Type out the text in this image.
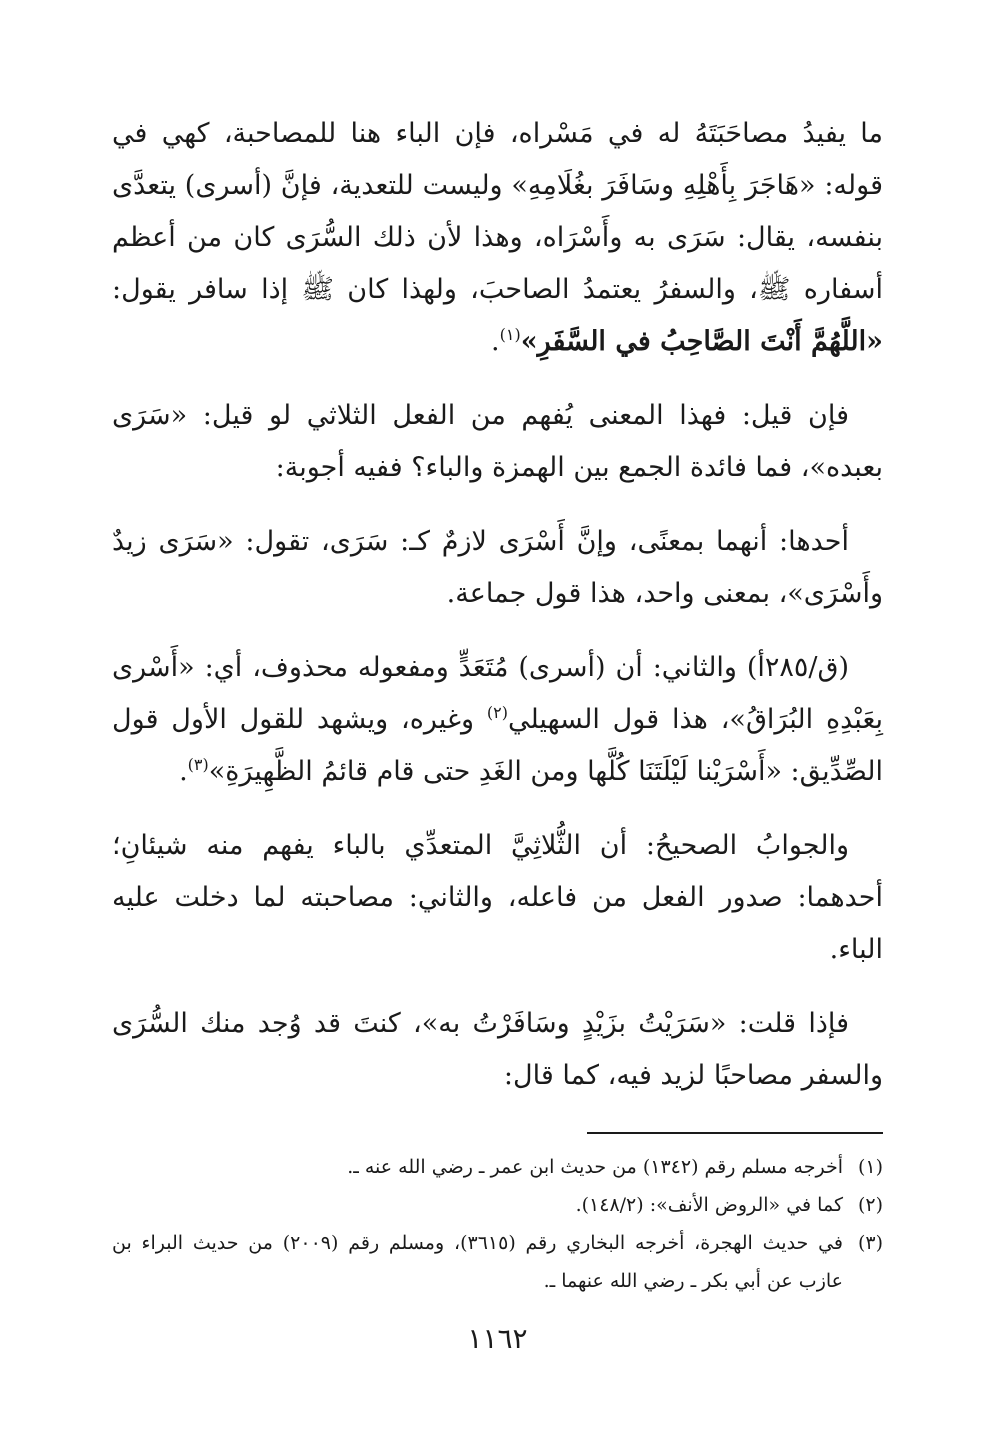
ما يفيدُ مصاحَبَتَهُ له في مَسْراه، فإن الباء هنا للمصاحبة، كهي في قوله: «هَاجَرَ بِأَهْلِهِ وسَافَرَ بغُلَامِهِ» وليست للتعدية، فإنَّ (أسرى) يتعدَّى بنفسه، يقال: سَرَى به وأَسْرَاه، وهذا لأن ذلك السُّرَى كان من أعظم أسفاره ﷺ، والسفرُ يعتمدُ الصاحبَ، ولهذا كان ﷺ إذا سافر يقول: «اللَّهُمَّ أَنْتَ الصَّاحِبُ في السَّفَرِ»$^{(١)}$.

فإن قيل: فهذا المعنى يُفهم من الفعل الثلاثي لو قيل: «سَرَى بعبده»، فما فائدة الجمع بين الهمزة والباء؟ ففيه أجوبة:

أحدها: أنهما بمعنًى، وإنَّ أَسْرَى لازمٌ كـ: سَرَى، تقول: «سَرَى زيدٌ وأَسْرَى»، بمعنى واحد، هذا قول جماعة.

(ق/٢٨٥أ) والثاني: أن (أسرى) مُتَعَدٍّ ومفعوله محذوف، أي: «أَسْرى بِعَبْدِهِ البُرَاقُ»، هذا قول السهيلي$^{(٢)}$ وغيره، ويشهد للقول الأول قول الصِّدِّيق: «أَسْرَيْنا لَيْلَتَنَا كُلَّها ومن الغَدِ حتى قام قائمُ الظَّهِيرَةِ»$^{(٣)}$.

والجوابُ الصحيحُ: أن الثُّلاثِيَّ المتعدِّي بالباء يفهم منه شيئانِ؛ أحدهما: صدور الفعل من فاعله، والثاني: مصاحبته لما دخلت عليه الباء.

فإذا قلت: «سَرَيْتُ بزَيْدٍ وسَافَرْتُ به»، كنتَ قد وُجد منك السُّرَى والسفر مصاحبًا لزيد فيه، كما قال:

(١)
أخرجه مسلم رقم (١٣٤٢) من حديث ابن عمر ـ رضي الله عنه ـ.
(٢)
كما في «الروض الأنف»: (١٤٨/٢).
(٣)
في حديث الهجرة، أخرجه البخاري رقم (٣٦١٥)، ومسلم رقم (٢٠٠٩) من حديث البراء بن عازب عن أبي بكر ـ رضي الله عنهما ـ.
١١٦٢
